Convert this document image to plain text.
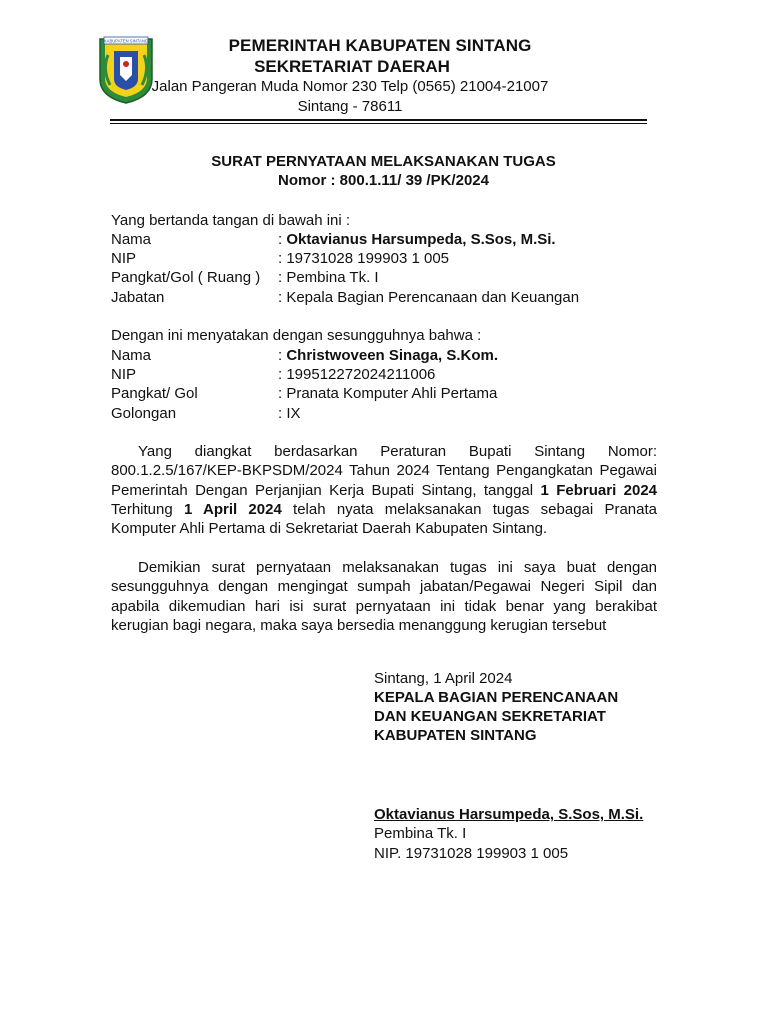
KABUPATEN SINTANG	PEMERINTAH KABUPATEN SINTANG
SEKRETARIAT DAERAH
Jalan Pangeran Muda Nomor 230 Telp (0565) 21004-21007
Sintang - 78611
SURAT PERNYATAAN MELAKSANAKAN TUGAS
Nomor : 800.1.11/ 39 /PK/2024
Yang bertanda tangan di bawah ini :
Nama	: Oktavianus Harsumpeda, S.Sos, M.Si.
NIP	: 19731028 199903 1 005
Pangkat/Gol ( Ruang ) : Pembina Tk. I
Jabatan	: Kepala Bagian Perencanaan dan Keuangan
Dengan ini menyatakan dengan sesungguhnya bahwa :
Nama	: Christwoveen Sinaga, S.Kom.
NIP	: 199512272024211006
Pangkat/ Gol	: Pranata Komputer Ahli Pertama
Golongan	: IX
Yang diangkat berdasarkan Peraturan Bupati Sintang Nomor: 800.1.2.5/167/KEP-BKPSDM/2024 Tahun 2024 Tentang Pengangkatan Pegawai Pemerintah Dengan Perjanjian Kerja Bupati Sintang, tanggal 1 Februari 2024 Terhitung 1 April 2024 telah nyata melaksanakan tugas sebagai Pranata Komputer Ahli Pertama di Sekretariat Daerah Kabupaten Sintang.
Demikian surat pernyataan melaksanakan tugas ini saya buat dengan sesungguhnya dengan mengingat sumpah jabatan/Pegawai Negeri Sipil dan apabila dikemudian hari isi surat pernyataan ini tidak benar yang berakibat kerugian bagi negara, maka saya bersedia menanggung kerugian tersebut
Sintang, 1 April 2024
KEPALA BAGIAN PERENCANAAN
DAN KEUANGAN SEKRETARIAT
KABUPATEN SINTANG
Oktavianus Harsumpeda, S.Sos, M.Si.
Pembina Tk. I
NIP. 19731028 199903 1 005
